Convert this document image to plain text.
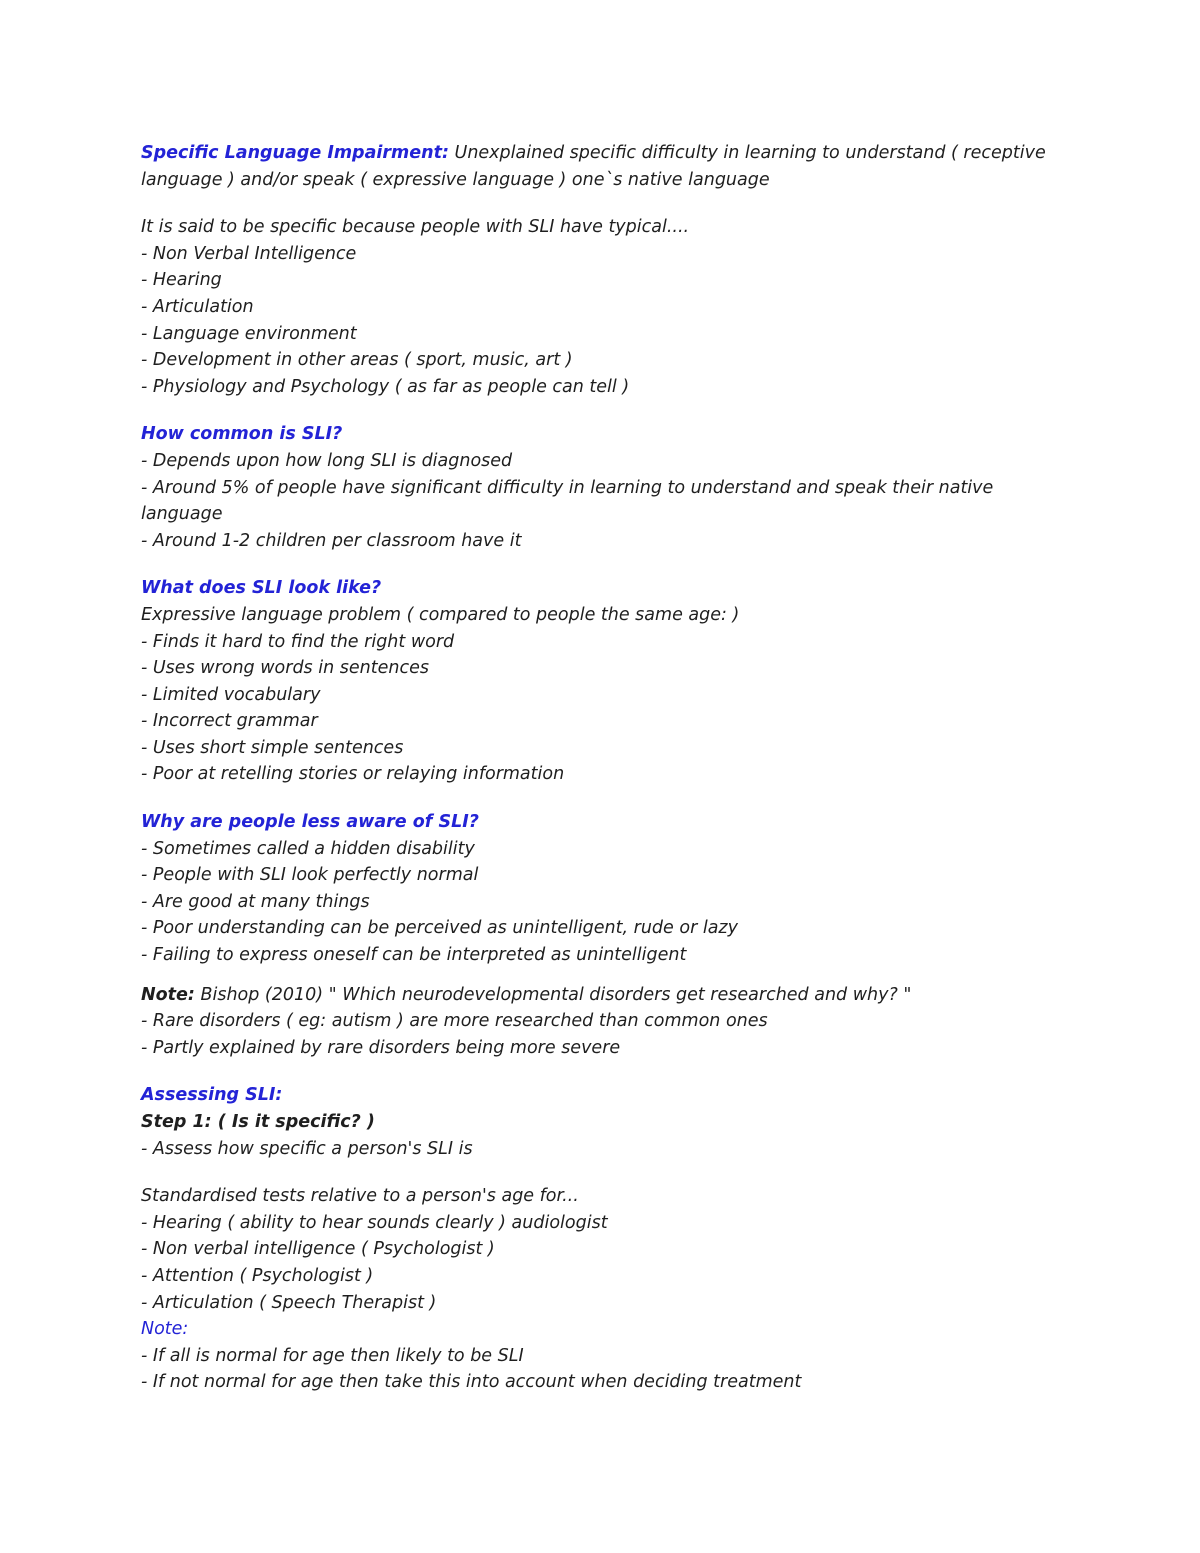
Specific Language Impairment: Unexplained specific difficulty in learning to understand ( receptive
language ) and/or speak ( expressive language ) one`s native language
It is said to be specific because people with SLI have typical....
- Non Verbal Intelligence
- Hearing
- Articulation
- Language environment
- Development in other areas ( sport, music, art )
- Physiology and Psychology ( as far as people can tell )
How common is SLI?
- Depends upon how long SLI is diagnosed
- Around 5% of people have significant difficulty in learning to understand and speak their native
language
- Around 1-2 children per classroom have it
What does SLI look like?
Expressive language problem ( compared to people the same age: )
- Finds it hard to find the right word
- Uses wrong words in sentences
- Limited vocabulary
- Incorrect grammar
- Uses short simple sentences
- Poor at retelling stories or relaying information
Why are people less aware of SLI?
- Sometimes called a hidden disability
- People with SLI look perfectly normal
- Are good at many things
- Poor understanding can be perceived as unintelligent, rude or lazy
- Failing to express oneself can be interpreted as unintelligent
Note: Bishop (2010) " Which neurodevelopmental disorders get researched and why? "
- Rare disorders ( eg: autism ) are more researched than common ones
- Partly explained by rare disorders being more severe
Assessing SLI:
Step 1: ( Is it specific? )
- Assess how specific a person's SLI is
Standardised tests relative to a person's age for...
- Hearing ( ability to hear sounds clearly ) audiologist
- Non verbal intelligence ( Psychologist )
- Attention ( Psychologist )
- Articulation ( Speech Therapist )
Note:
- If all is normal for age then likely to be SLI
- If not normal for age then take this into account when deciding treatment
